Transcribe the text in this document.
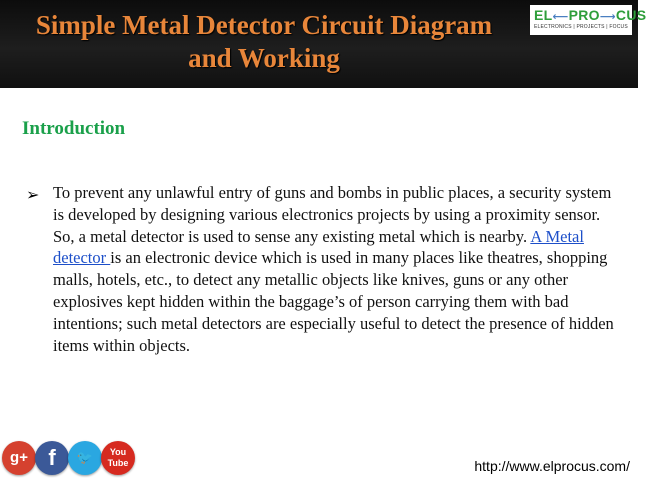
Simple Metal Detector Circuit Diagram
and Working
EL⟵PRO⟶CUS
ELECTRONICS | PROJECTS | FOCUS
Introduction
➢ To prevent any unlawful entry of guns and bombs in public places, a security system is developed by designing various electronics projects by using a proximity sensor. So, a metal detector is used to sense any existing metal which is nearby. A Metal detector is an electronic device which is used in many places like theatres, shopping malls, hotels, etc., to detect any metallic objects like knives, guns or any other explosives kept hidden within the baggage’s of person carrying them with bad intentions; such metal detectors are especially useful to detect the presence of hidden items within objects.
g+ f	🐦	You
Tube	http://www.elprocus.com/
